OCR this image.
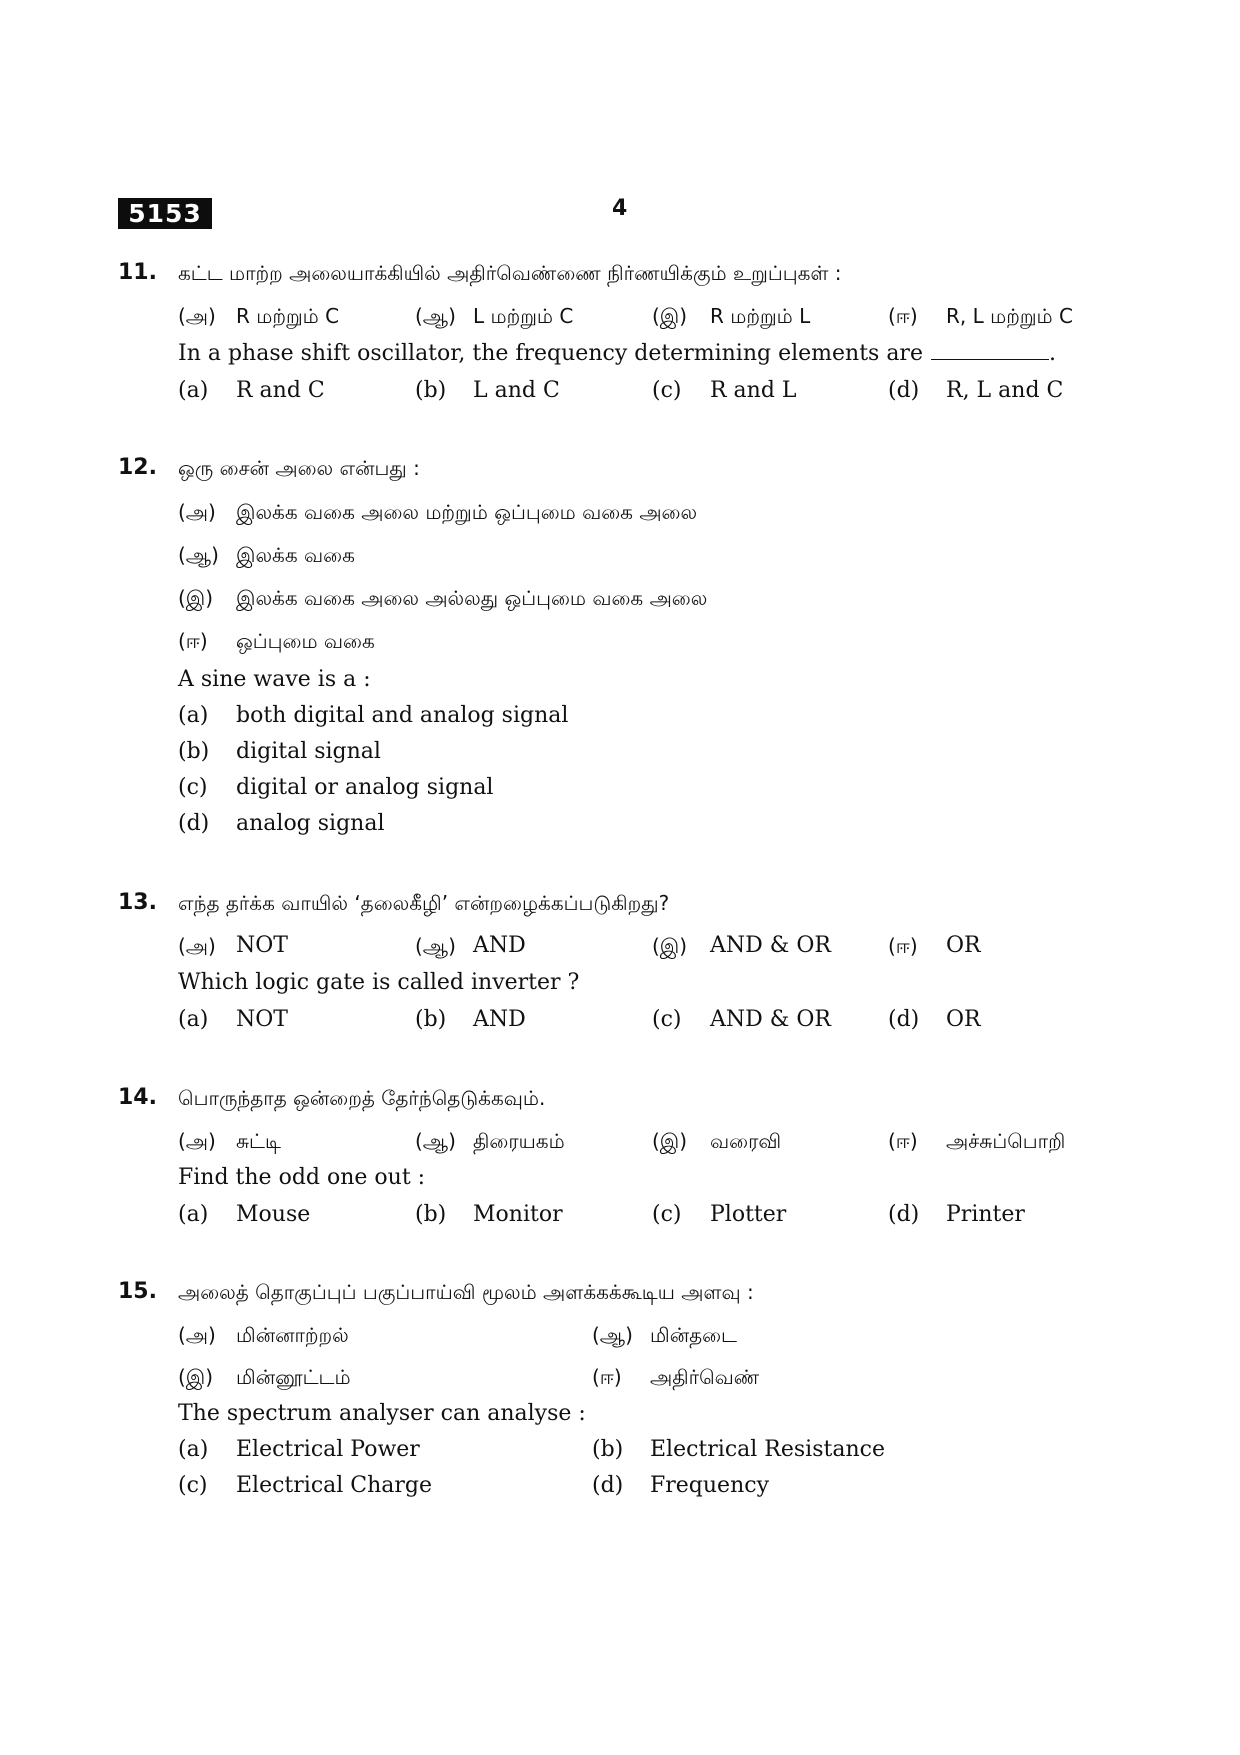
5153	4
11. கட்ட மாற்ற அலையாக்கியில் அதிர்வெண்ணை நிர்ணயிக்கும் உறுப்புகள் :
(அ) R மற்றும் C	(ஆ) L மற்றும் C	(இ) R மற்றும் L	(ஈ) R, L மற்றும் C
In a phase shift oscillator, the frequency determining elements are	.
(a) R and C	(b) L and C	(c) R and L	(d) R, L and C
12. ஒரு சைன் அலை என்பது :
(அ) இலக்க வகை அலை மற்றும் ஒப்புமை வகை அலை
(ஆ) இலக்க வகை
(இ) இலக்க வகை அலை அல்லது ஒப்புமை வகை அலை
(ஈ) ஒப்புமை வகை
A sine wave is a :
(a) both digital and analog signal
(b) digital signal
(c) digital or analog signal
(d) analog signal
13. எந்த தர்க்க வாயில் ‘தலைகீழி’ என்றழைக்கப்படுகிறது?
(அ) NOT	(ஆ) AND	(இ) AND & OR	(ஈ) OR
Which logic gate is called inverter ?
(a) NOT	(b) AND	(c) AND & OR	(d) OR
14. பொருந்தாத ஒன்றைத் தேர்ந்தெடுக்கவும்.
(அ) சுட்டி	(ஆ) திரையகம்	(இ) வரைவி	(ஈ) அச்சுப்பொறி
Find the odd one out :
(a) Mouse	(b) Monitor	(c) Plotter	(d) Printer
15. அலைத் தொகுப்புப் பகுப்பாய்வி மூலம் அளக்கக்கூடிய அளவு :
(அ) மின்னாற்றல்	(ஆ) மின்தடை
(இ) மின்னூட்டம்	(ஈ) அதிர்வெண்
The spectrum analyser can analyse :
(a) Electrical Power	(b) Electrical Resistance
(c) Electrical Charge	(d) Frequency
